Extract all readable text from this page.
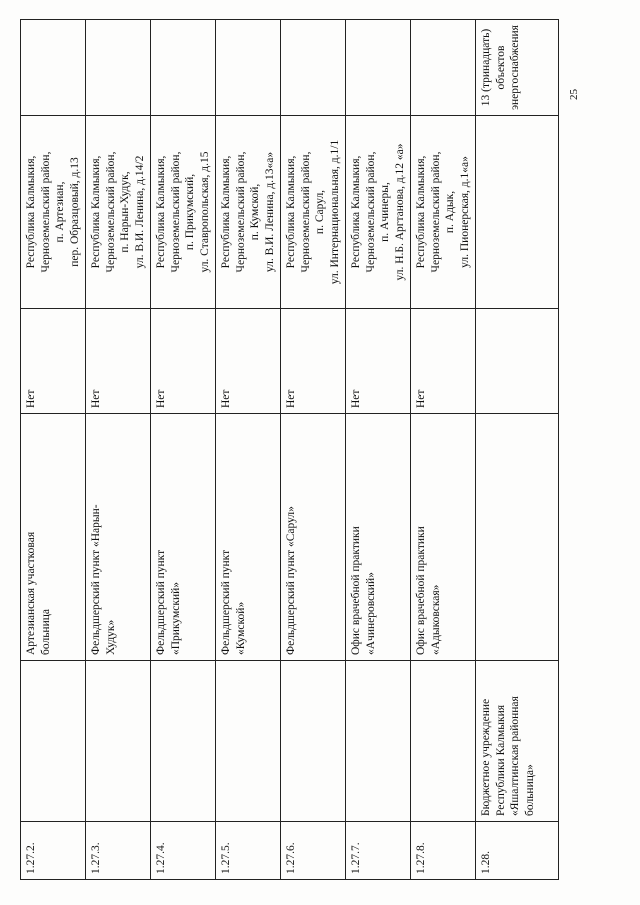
1.27.2.		Артезианская участковая больница	Нет	Республика Калмыкия, Черноземельский район, п. Артезиан, пер. Образцовый, д.13	

1.27.3.		Фельдшерский пункт «Нарын- Худук»	Нет	Республика Калмыкия, Черноземельский район, п. Нарын-Худук, ул. В.И. Ленина, д.14/2	

1.27.4.		Фельдшерский пункт «Прикумский»	Нет	Республика Калмыкия, Черноземельский район, п. Прикумский, ул. Ставропольская, д.15	

1.27.5.		Фельдшерский пункт «Кумской»	Нет	Республика Калмыкия, Черноземельский район, п. Кумской, ул. В.И. Ленина, д.13«а»	

1.27.6.		Фельдшерский пункт «Сарул»	Нет	Республика Калмыкия, Черноземельский район, п. Сарул, ул. Интернациональная, д.1/1	

1.27.7.		Офис врачебной практики «Ачинеровский»	Нет	Республика Калмыкия, Черноземельский район, п. Ачинеры, ул. Н.Б. Аргтанова, д.12 «а»	

1.27.8.		Офис врачебной практики «Адыковская»	Нет	Республика Калмыкия, Черноземельский район, п. Адык, ул. Пионерская, д.1«а»	

1.28.	Бюджетное учреждение Республики Калмыкия «Яшалтинская районная больница»				13 (тринадцать) объектов энергоснабжения	25
